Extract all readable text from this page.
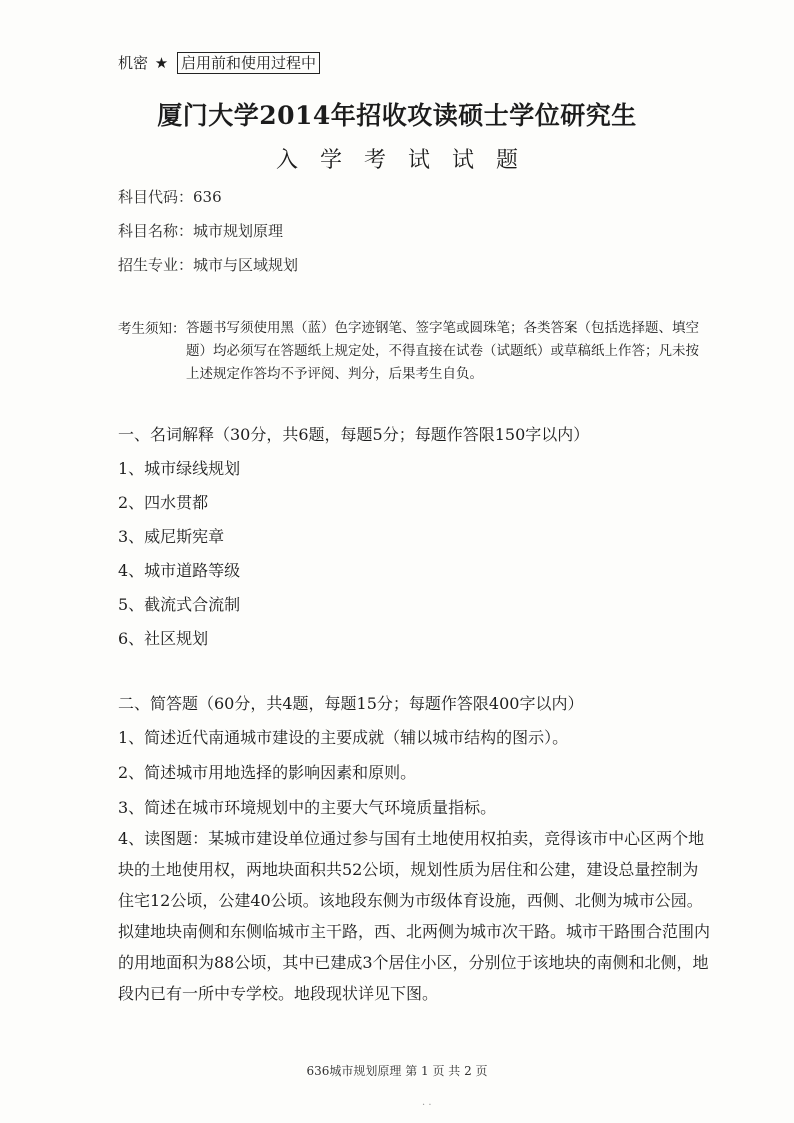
机密 ★ 启用前和使用过程中
厦门大学2014年招收攻读硕士学位研究生
入学考试试题
科目代码：636
科目名称：城市规划原理
招生专业：城市与区域规划
考生须知： 答题书写须使用黑（蓝）色字迹钢笔、签字笔或圆珠笔；各类答案（包括选择题、填空题）均必须写在答题纸上规定处，不得直接在试卷（试题纸）或草稿纸上作答；凡未按上述规定作答均不予评阅、判分，后果考生自负。
一、名词解释（30分，共6题，每题5分；每题作答限150字以内）
1、城市绿线规划
2、四水贯都
3、威尼斯宪章
4、城市道路等级
5、截流式合流制
6、社区规划
二、简答题（60分，共4题，每题15分；每题作答限400字以内）
1、简述近代南通城市建设的主要成就（辅以城市结构的图示）。
2、简述城市用地选择的影响因素和原则。
3、简述在城市环境规划中的主要大气环境质量指标。
4、读图题：某城市建设单位通过参与国有土地使用权拍卖，竞得该市中心区两个地块的土地使用权，两地块面积共52公顷，规划性质为居住和公建，建设总量控制为住宅12公顷，公建40公顷。该地段东侧为市级体育设施，西侧、北侧为城市公园。拟建地块南侧和东侧临城市主干路，西、北两侧为城市次干路。城市干路围合范围内的用地面积为88公顷，其中已建成3个居住小区，分别位于该地块的南侧和北侧，地段内已有一所中专学校。地段现状详见下图。
636城市规划原理 第 1 页 共 2 页
· ·
